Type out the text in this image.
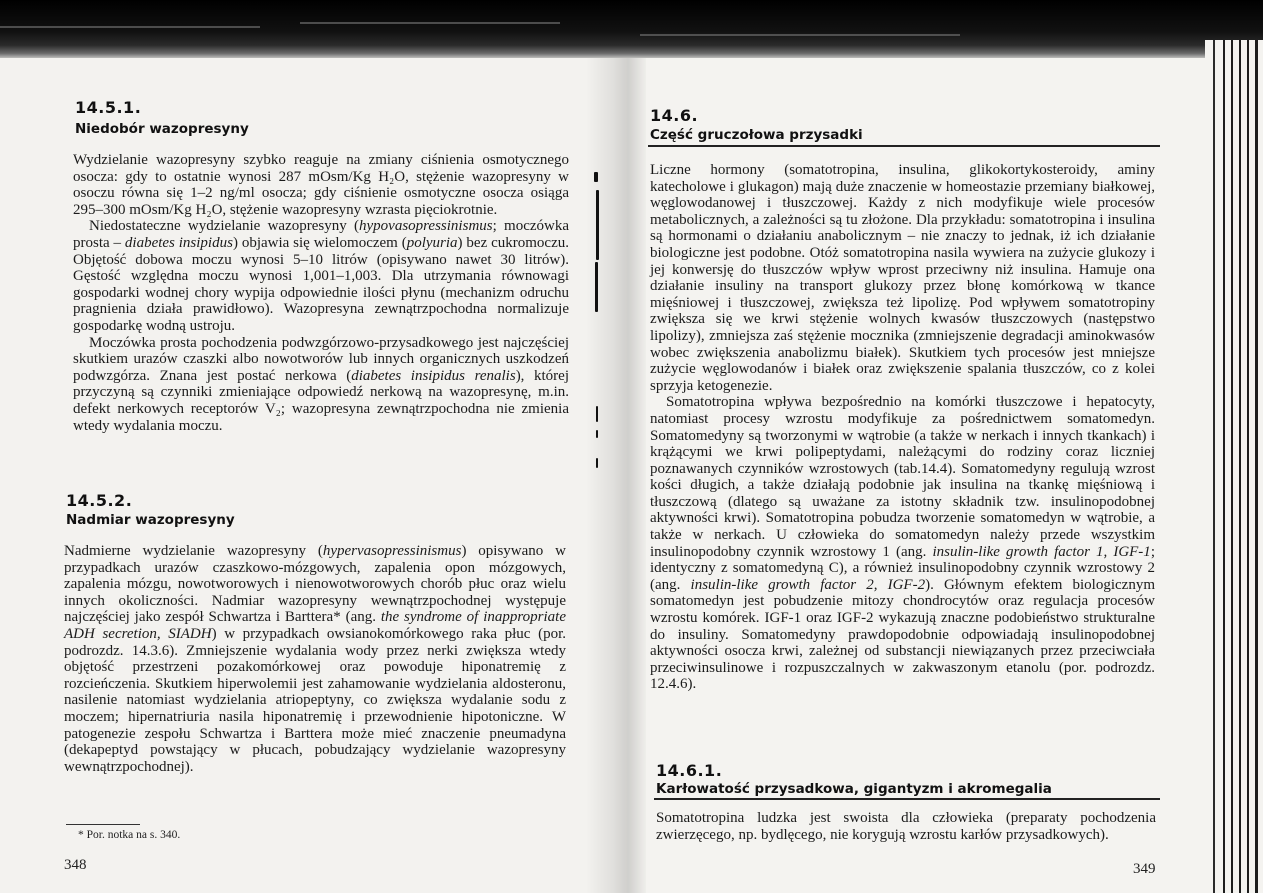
14.5.1.
Niedobór wazopresyny

Wydzielanie wazopresyny szybko reaguje na zmiany ciśnienia osmotycznego osocza: gdy to ostatnie wynosi 287 mOsm/Kg H₂O, stężenie wazopresyny w osoczu równa się 1–2 ng/ml osocza; gdy ciśnienie osmotyczne osocza osiąga 295–300 mOsm/Kg H₂O, stężenie wazopresyny wzrasta pięciokrotnie.

Niedostateczne wydzielanie wazopresyny (hypovasopressinismus; moczówka prosta – diabetes insipidus) objawia się wielomoczem (polyuria) bez cukromoczu. Objętość dobowa moczu wynosi 5–10 litrów (opisywano nawet 30 litrów). Gęstość względna moczu wynosi 1,001–1,003. Dla utrzymania równowagi gospodarki wodnej chory wypija odpowiednie ilości płynu (mechanizm odruchu pragnienia działa prawidłowo). Wazopresyna zewnątrzpochodna normalizuje gospodarkę wodną ustroju.

Moczówka prosta pochodzenia podwzgórzowo-przysadkowego jest najczęściej skutkiem urazów czaszki albo nowotworów lub innych organicznych uszkodzeń podwzgórza. Znana jest postać nerkowa (diabetes insipidus renalis), której przyczyną są czynniki zmieniające odpowiedź nerkową na wazopresynę, m.in. defekt nerkowych receptorów V₂; wazopresyna zewnątrzpochodna nie zmienia wtedy wydalania moczu.

14.5.2.
Nadmiar wazopresyny

Nadmierne wydzielanie wazopresyny (hypervasopressinismus) opisywano w przypadkach urazów czaszkowo-mózgowych, zapalenia opon mózgowych, zapalenia mózgu, nowotworowych i nienowotworowych chorób płuc oraz wielu innych okoliczności. Nadmiar wazopresyny wewnątrzpochodnej występuje najczęściej jako zespół Schwartza i Barttera* (ang. the syndrome of inappropriate ADH secretion, SIADH) w przypadkach owsianokomórkowego raka płuc (por. podrozdz. 14.3.6). Zmniejszenie wydalania wody przez nerki zwiększa wtedy objętość przestrzeni pozakomórkowej oraz powoduje hiponatremię z rozcieńczenia. Skutkiem hiperwolemii jest zahamowanie wydzielania aldosteronu, nasilenie natomiast wydzielania atriopeptyny, co zwiększa wydalanie sodu z moczem; hipernatriuria nasila hiponatremię i przewodnienie hipotoniczne. W patogenezie zespołu Schwartza i Barttera może mieć znaczenie pneumadyna (dekapeptyd powstający w płucach, pobudzający wydzielanie wazopresyny wewnątrzpochodnej).

* Por. notka na s. 340.
348
14.6.
Część gruczołowa przysadki

Liczne hormony (somatotropina, insulina, glikokortykosteroidy, aminy katecholowe i glukagon) mają duże znaczenie w homeostazie przemiany białkowej, węglowodanowej i tłuszczowej. Każdy z nich modyfikuje wiele procesów metabolicznych, a zależności są tu złożone. Dla przykładu: somatotropina i insulina są hormonami o działaniu anabolicznym – nie znaczy to jednak, iż ich działanie biologiczne jest podobne. Otóż somatotropina nasila wywiera na zużycie glukozy i jej konwersję do tłuszczów wpływ wprost przeciwny niż insulina. Hamuje ona działanie insuliny na transport glukozy przez błonę komórkową w tkance mięśniowej i tłuszczowej, zwiększa też lipolizę. Pod wpływem somatotropiny zwiększa się we krwi stężenie wolnych kwasów tłuszczowych (następstwo lipolizy), zmniejsza zaś stężenie mocznika (zmniejszenie degradacji aminokwasów wobec zwiększenia anabolizmu białek). Skutkiem tych procesów jest mniejsze zużycie węglowodanów i białek oraz zwiększenie spalania tłuszczów, co z kolei sprzyja ketogenezie.

Somatotropina wpływa bezpośrednio na komórki tłuszczowe i hepatocyty, natomiast procesy wzrostu modyfikuje za pośrednictwem somatomedyn. Somatomedyny są tworzonymi w wątrobie (a także w nerkach i innych tkankach) i krążącymi we krwi polipeptydami, należącymi do rodziny coraz liczniej poznawanych czynników wzrostowych (tab.14.4). Somatomedyny regulują wzrost kości długich, a także działają podobnie jak insulina na tkankę mięśniową i tłuszczową (dlatego są uważane za istotny składnik tzw. insulinopodobnej aktywności krwi). Somatotropina pobudza tworzenie somatomedyn w wątrobie, a także w nerkach. U człowieka do somatomedyn należy przede wszystkim insulinopodobny czynnik wzrostowy 1 (ang. insulin-like growth factor 1, IGF-1; identyczny z somatomedyną C), a również insulinopodobny czynnik wzrostowy 2 (ang. insulin-like growth factor 2, IGF-2). Głównym efektem biologicznym somatomedyn jest pobudzenie mitozy chondrocytów oraz regulacja procesów wzrostu komórek. IGF-1 oraz IGF-2 wykazują znaczne podobieństwo strukturalne do insuliny. Somatomedyny prawdopodobnie odpowiadają insulinopodobnej aktywności osocza krwi, zależnej od substancji niewiązanych przez przeciwciała przeciwinsulinowe i rozpuszczalnych w zakwaszonym etanolu (por. podrozdz. 12.4.6).

14.6.1.
Karłowatość przysadkowa, gigantyzm i akromegalia

Somatotropina ludzka jest swoista dla człowieka (preparaty pochodzenia zwierzęcego, np. bydlęcego, nie korygują wzrostu karłów przysadkowych).

349
